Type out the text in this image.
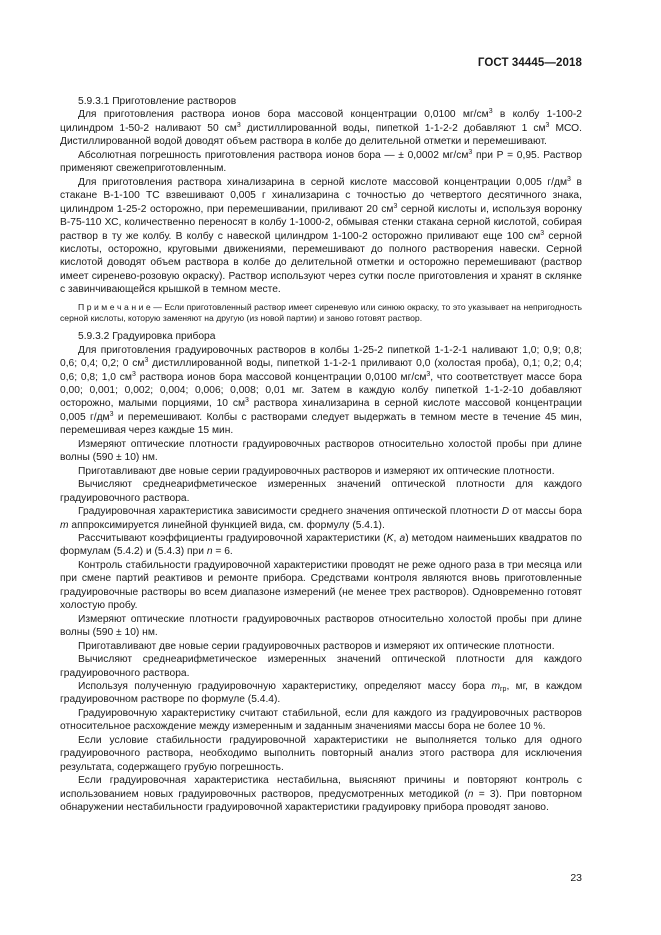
ГОСТ 34445—2018

5.9.3.1 Приготовление растворов

Для приготовления раствора ионов бора массовой концентрации 0,0100 $мг/см^3$ в колбу 1-100-2 цилиндром 1-50-2 наливают 50 $см^3$ дистиллированной воды, пипеткой 1-1-2-2 добавляют 1 $см^3$ МСО. Дистиллированной водой доводят объем раствора в колбе до делительной отметки и перемешивают.

Абсолютная погрешность приготовления раствора ионов бора — ± 0,0002 $мг/см^3$ при Р = 0,95. Раствор применяют свежеприготовленным.

Для приготовления раствора хинализарина в серной кислоте массовой концентрации 0,005 $г/дм^3$ в стакане В-1-100 ТС взвешивают 0,005 г хинализарина с точностью до четвертого десятичного знака, цилиндром 1-25-2 осторожно, при перемешивании, приливают 20 $см^3$ серной кислоты и, используя воронку В-75-110 ХС, количественно переносят в колбу 1-1000-2, обмывая стенки стакана серной кислотой, собирая раствор в ту же колбу. В колбу с навеской цилиндром 1-100-2 осторожно приливают еще 100 $см^3$ серной кислоты, осторожно, круговыми движениями, перемешивают до полного растворения навески. Серной кислотой доводят объем раствора в колбе до делительной отметки и осторожно перемешивают (раствор имеет сиренево-розовую окраску). Раствор используют через сутки после приготовления и хранят в склянке с завинчивающейся крышкой в темном месте.

П р и м е ч а н и е — Если приготовленный раствор имеет сиреневую или синюю окраску, то это указывает на непригодность серной кислоты, которую заменяют на другую (из новой партии) и заново готовят раствор.

5.9.3.2 Градуировка прибора

Для приготовления градуировочных растворов в колбы 1-25-2 пипеткой 1-1-2-1 наливают 1,0; 0,9; 0,8; 0,6; 0,4; 0,2; 0 $см^3$ дистиллированной воды, пипеткой 1-1-2-1 приливают 0,0 (холостая проба), 0,1; 0,2; 0,4; 0,6; 0,8; 1,0 $см^3$ раствора ионов бора массовой концентрации 0,0100 $мг/см^3$, что соответствует массе бора 0,00; 0,001; 0,002; 0,004; 0,006; 0,008; 0,01 мг. Затем в каждую колбу пипеткой 1-1-2-10 добавляют осторожно, малыми порциями, 10 $см^3$ раствора хинализарина в серной кислоте массовой концентрации 0,005 $г/дм^3$ и перемешивают. Колбы с растворами следует выдержать в темном месте в течение 45 мин, перемешивая через каждые 15 мин.

Измеряют оптические плотности градуировочных растворов относительно холостой пробы при длине волны (590 ± 10) нм.

Приготавливают две новые серии градуировочных растворов и измеряют их оптические плотности.

Вычисляют среднеарифметическое измеренных значений оптической плотности для каждого градуировочного раствора.

Градуировочная характеристика зависимости среднего значения оптической плотности D от массы бора m аппроксимируется линейной функцией вида, см. формулу (5.4.1).

Рассчитывают коэффициенты градуировочной характеристики (K, a) методом наименьших квадратов по формулам (5.4.2) и (5.4.3) при n = 6.

Контроль стабильности градуировочной характеристики проводят не реже одного раза в три месяца или при смене партий реактивов и ремонте прибора. Средствами контроля являются вновь приготовленные градуировочные растворы во всем диапазоне измерений (не менее трех растворов). Одновременно готовят холостую пробу.

Измеряют оптические плотности градуировочных растворов относительно холостой пробы при длине волны (590 ± 10) нм.

Приготавливают две новые серии градуировочных растворов и измеряют их оптические плотности.

Вычисляют среднеарифметическое измеренных значений оптической плотности для каждого градуировочного раствора.

Используя полученную градуировочную характеристику, определяют массу бора $m_{гр}$, мг, в каждом градуировочном растворе по формуле (5.4.4).

Градуировочную характеристику считают стабильной, если для каждого из градуировочных растворов относительное расхождение между измеренным и заданным значениями массы бора не более 10 %.

Если условие стабильности градуировочной характеристики не выполняется только для одного градуировочного раствора, необходимо выполнить повторный анализ этого раствора для исключения результата, содержащего грубую погрешность.

Если градуировочная характеристика нестабильна, выясняют причины и повторяют контроль с использованием новых градуировочных растворов, предусмотренных методикой (n = 3). При повторном обнаружении нестабильности градуировочной характеристики градуировку прибора проводят заново.

23
